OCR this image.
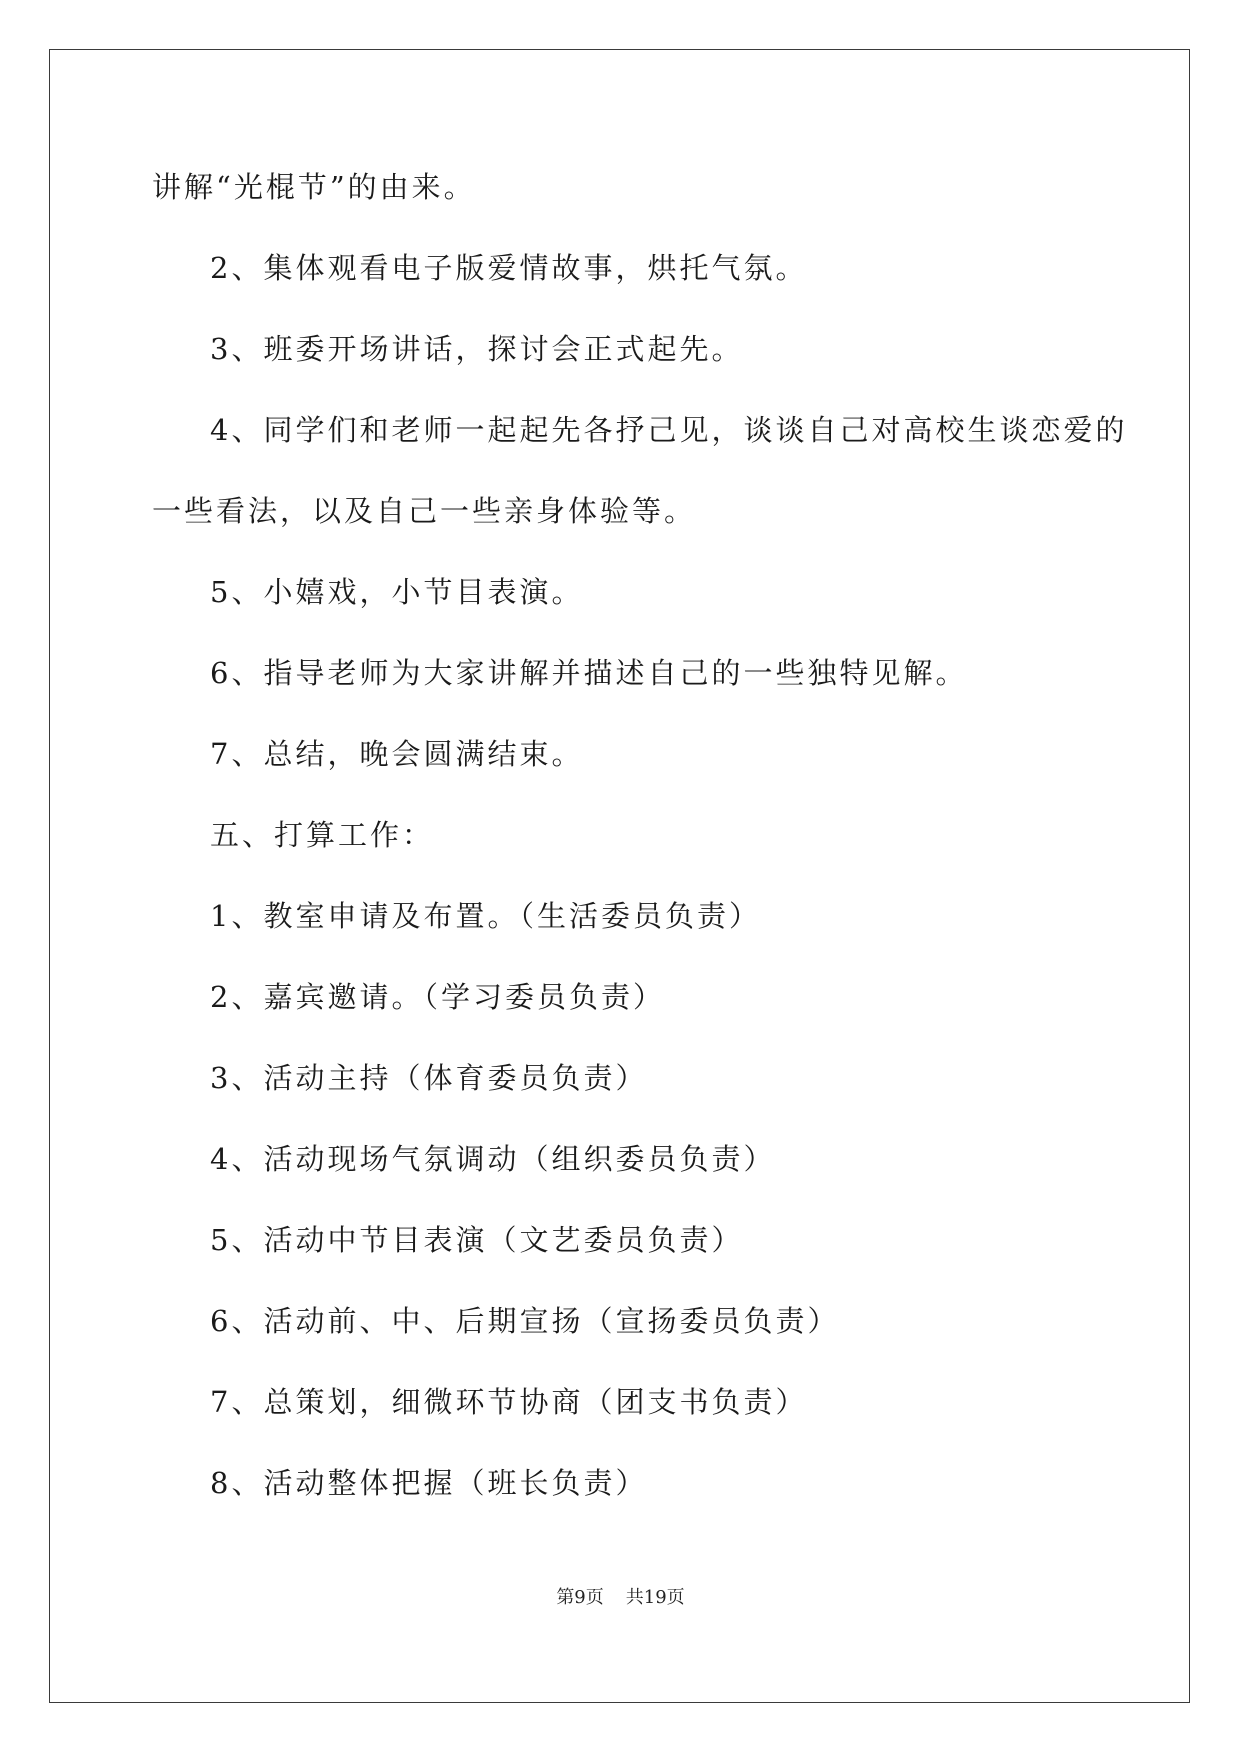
讲解“光棍节”的由来。
2、集体观看电子版爱情故事，烘托气氛。
3、班委开场讲话，探讨会正式起先。
4、同学们和老师一起起先各抒己见，谈谈自己对高校生谈恋爱的
一些看法，以及自己一些亲身体验等。
5、小嬉戏，小节目表演。
6、指导老师为大家讲解并描述自己的一些独特见解。
7、总结，晚会圆满结束。
五、打算工作：
1、教室申请及布置。（生活委员负责）
2、嘉宾邀请。（学习委员负责）
3、活动主持（体育委员负责）
4、活动现场气氛调动（组织委员负责）
5、活动中节目表演（文艺委员负责）
6、活动前、中、后期宣扬（宣扬委员负责）
7、总策划，细微环节协商（团支书负责）
8、活动整体把握（班长负责）
第9页 共19页
